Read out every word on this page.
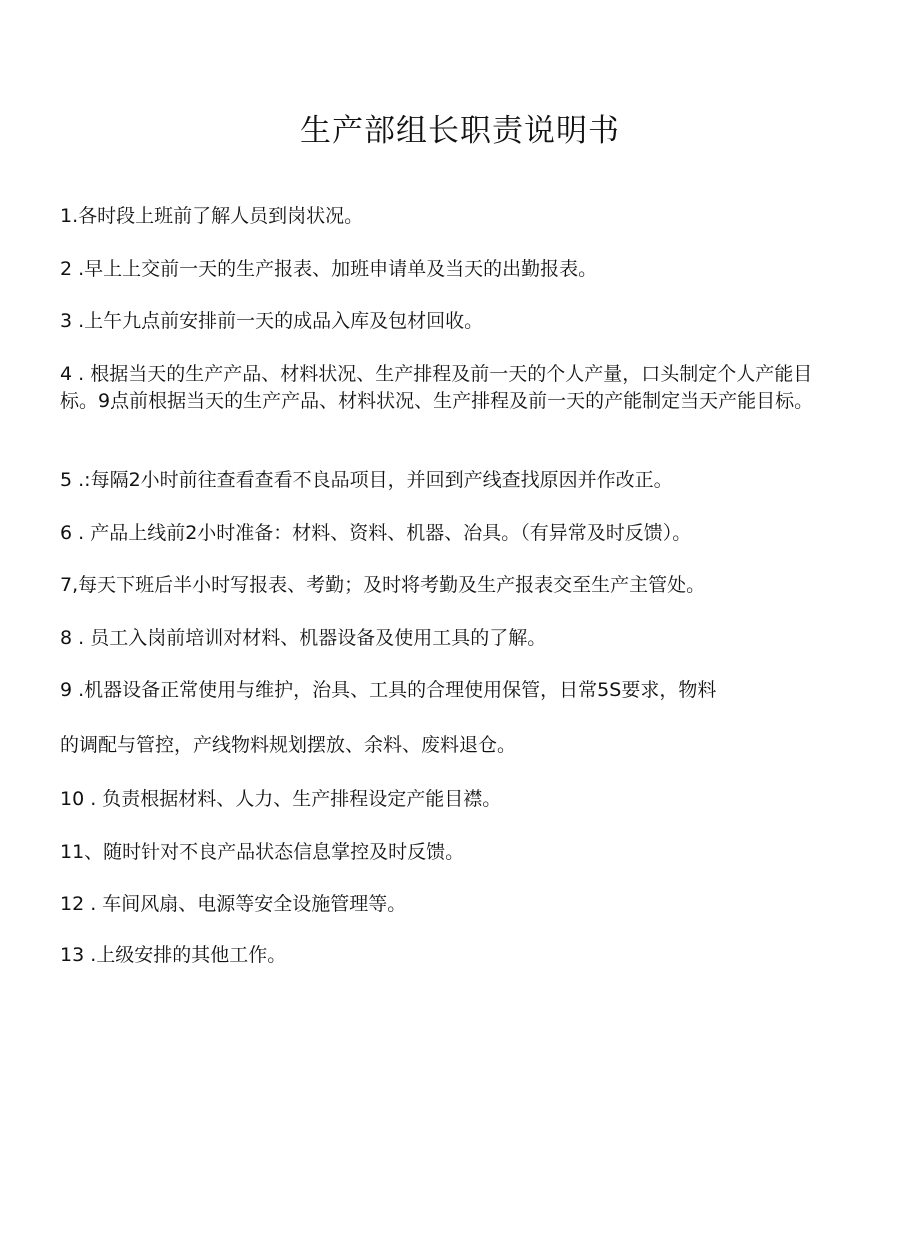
生产部组长职责说明书
1.各时段上班前了解人员到岗状况。
2 .早上上交前一天的生产报表、加班申请单及当天的出勤报表。
3 .上午九点前安排前一天的成品入库及包材回收。
4 . 根据当天的生产产品、材料状况、生产排程及前一天的个人产量，口头制定个人产能目标。9点前根据当天的生产产品、材料状况、生产排程及前一天的产能制定当天产能目标。
5 .:每隔2小时前往查看查看不良品项目，并回到产线查找原因并作改正。
6 . 产品上线前2小时准备：材料、资料、机器、冶具。（有异常及时反馈）。
7,每天下班后半小时写报表、考勤；及时将考勤及生产报表交至生产主管处。
8 . 员工入岗前培训对材料、机器设备及使用工具的了解。
9 .机器设备正常使用与维护，治具、工具的合理使用保管，日常5S要求，物料
的调配与管控，产线物料规划摆放、余料、废料退仓。
10 . 负责根据材料、人力、生产排程设定产能目襟。
11、随时针对不良产品状态信息掌控及时反馈。
12 . 车间风扇、电源等安全设施管理等。
13 .上级安排的其他工作。
